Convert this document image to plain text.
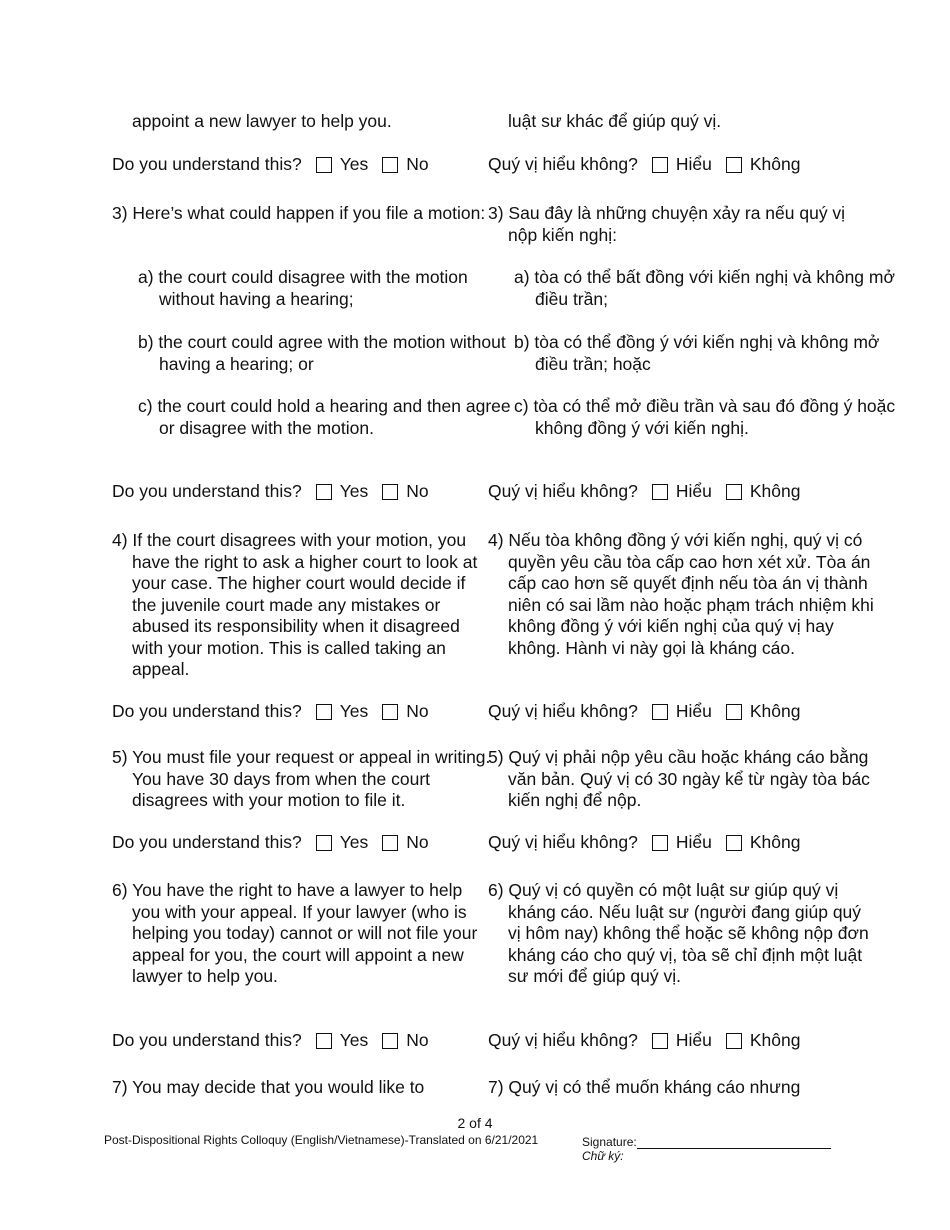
appoint a new lawyer to help you.

Do you understand this? Yes No

3) Here’s what could happen if you file a motion:

a) the court could disagree with the motion without having a hearing;

b) the court could agree with the motion without having a hearing; or

c) the court could hold a hearing and then agree or disagree with the motion.

Do you understand this? Yes No

4) If the court disagrees with your motion, you have the right to ask a higher court to look at your case. The higher court would decide if the juvenile court made any mistakes or abused its responsibility when it disagreed with your motion. This is called taking an appeal.

Do you understand this? Yes No

5) You must file your request or appeal in writing. You have 30 days from when the court disagrees with your motion to file it.

Do you understand this? Yes No

6) You have the right to have a lawyer to help you with your appeal. If your lawyer (who is helping you today) cannot or will not file your appeal for you, the court will appoint a new lawyer to help you.

Do you understand this? Yes No

7) You may decide that you would like to

luật sư khác để giúp quý vị.

Quý vị hiểu không? Hiểu Không

3) Sau đây là những chuyện xảy ra nếu quý vị nộp kiến nghị:

a) tòa có thể bất đồng với kiến nghị và không mở điều trần;

b) tòa có thể đồng ý với kiến nghị và không mở điều trần; hoặc

c) tòa có thể mở điều trần và sau đó đồng ý hoặc không đồng ý với kiến nghị.

Quý vị hiểu không? Hiểu Không

4) Nếu tòa không đồng ý với kiến nghị, quý vị có quyền yêu cầu tòa cấp cao hơn xét xử. Tòa án cấp cao hơn sẽ quyết định nếu tòa án vị thành niên có sai lầm nào hoặc phạm trách nhiệm khi không đồng ý với kiến nghị của quý vị hay không. Hành vi này gọi là kháng cáo.

Quý vị hiểu không? Hiểu Không

5) Quý vị phải nộp yêu cầu hoặc kháng cáo bằng văn bản. Quý vị có 30 ngày kể từ ngày tòa bác kiến nghị để nộp.

Quý vị hiểu không? Hiểu Không

6) Quý vị có quyền có một luật sư giúp quý vị kháng cáo. Nếu luật sư (người đang giúp quý vị hôm nay) không thể hoặc sẽ không nộp đơn kháng cáo cho quý vị, tòa sẽ chỉ định một luật sư mới để giúp quý vị.

Quý vị hiểu không? Hiểu Không

7) Quý vị có thể muốn kháng cáo nhưng

2 of 4
Post-Dispositional Rights Colloquy (English/Vietnamese)-Translated on 6/21/2021	Signature:
Chữ ký:
